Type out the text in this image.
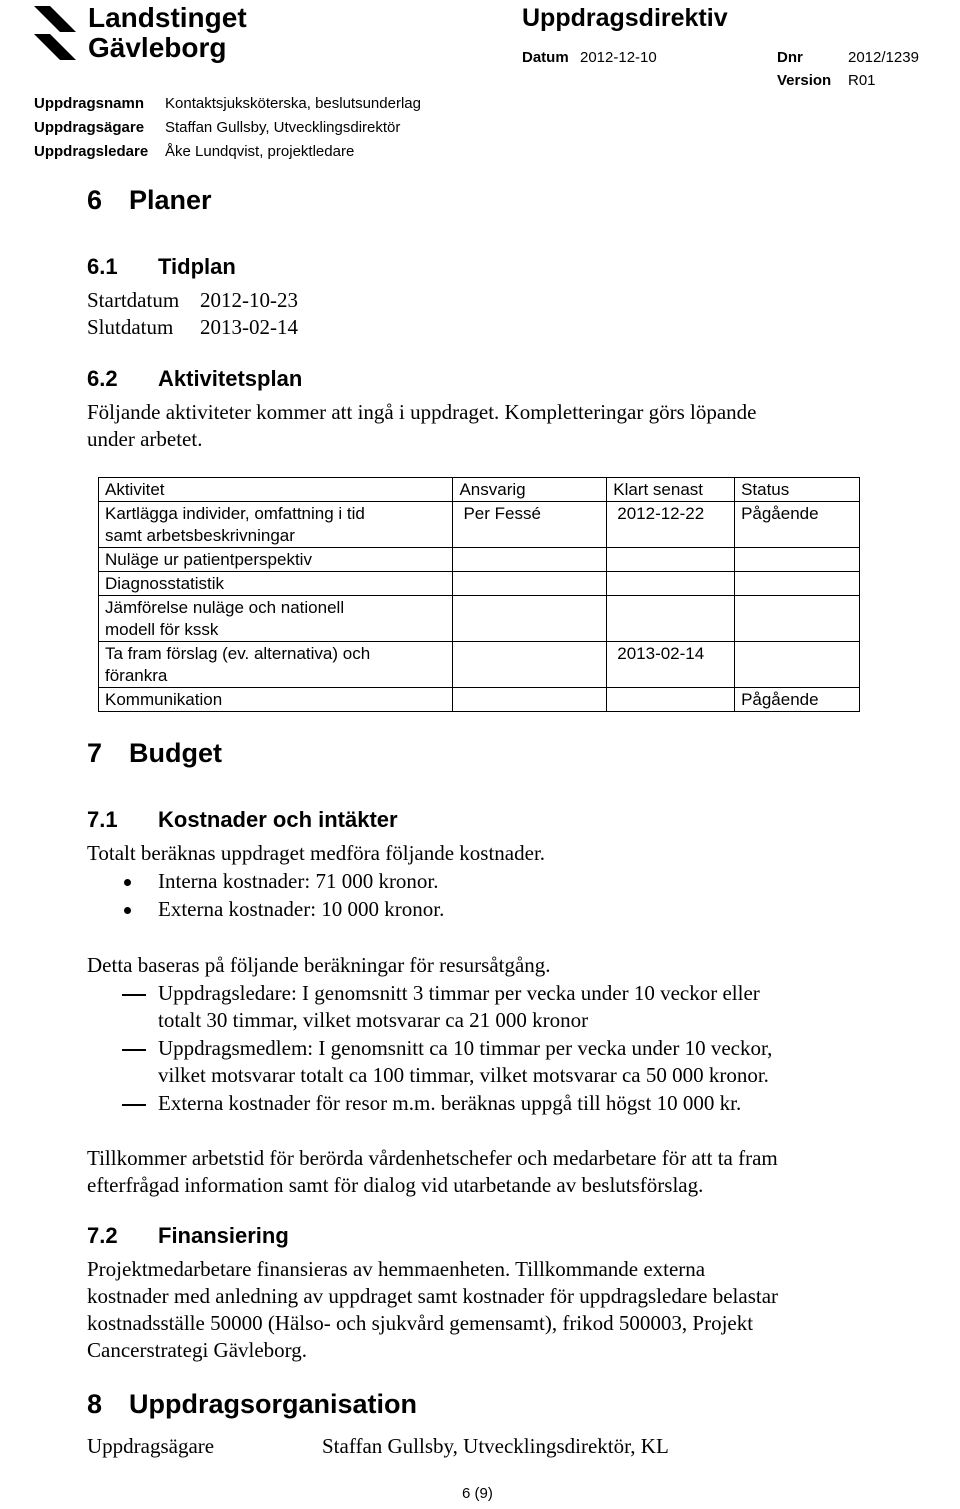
Landstinget
Gävleborg
Uppdragsdirektiv
Datum 2012-12-10	Dnr	2012/1239
Version R01
Uppdragsnamn Kontaktsjuksköterska, beslutsunderlag
Uppdragsägare Staffan Gullsby, Utvecklingsdirektör
Uppdragsledare Åke Lundqvist, projektledare
6 Planer
6.1 Tidplan
Startdatum 2012-10-23
Slutdatum 2013-02-14
6.2 Aktivitetsplan
Följande aktiviteter kommer att ingå i uppdraget. Kompletteringar görs löpande
under arbetet.
Aktivitet	Ansvarig	Klart senast	Status
Kartlägga individer, omfattning i tid
samt arbetsbeskrivningar	Per Fessé	2012-12-22	Pågående
Nuläge ur patientperspektiv			
Diagnosstatistik			
Jämförelse nuläge och nationell
modell för kssk			
Ta fram förslag (ev. alternativa) och
förankra		2013-02-14	
Kommunikation			Pågående
7 Budget
7.1 Kostnader och intäkter
Totalt beräknas uppdraget medföra följande kostnader.
Interna kostnader: 71 000 kronor.
Externa kostnader: 10 000 kronor.
Detta baseras på följande beräkningar för resursåtgång.
Uppdragsledare: I genomsnitt 3 timmar per vecka under 10 veckor eller
totalt 30 timmar, vilket motsvarar ca 21 000 kronor
Uppdragsmedlem: I genomsnitt ca 10 timmar per vecka under 10 veckor,
vilket motsvarar totalt ca 100 timmar, vilket motsvarar ca 50 000 kronor.
Externa kostnader för resor m.m. beräknas uppgå till högst 10 000 kr.
Tillkommer arbetstid för berörda vårdenhetschefer och medarbetare för att ta fram
efterfrågad information samt för dialog vid utarbetande av beslutsförslag.
7.2 Finansiering
Projektmedarbetare finansieras av hemmaenheten. Tillkommande externa
kostnader med anledning av uppdraget samt kostnader för uppdragsledare belastar
kostnadsställe 50000 (Hälso- och sjukvård gemensamt), frikod 500003, Projekt
Cancerstrategi Gävleborg.
8 Uppdragsorganisation
Uppdragsägare	Staffan Gullsby, Utvecklingsdirektör, KL
6 (9)
